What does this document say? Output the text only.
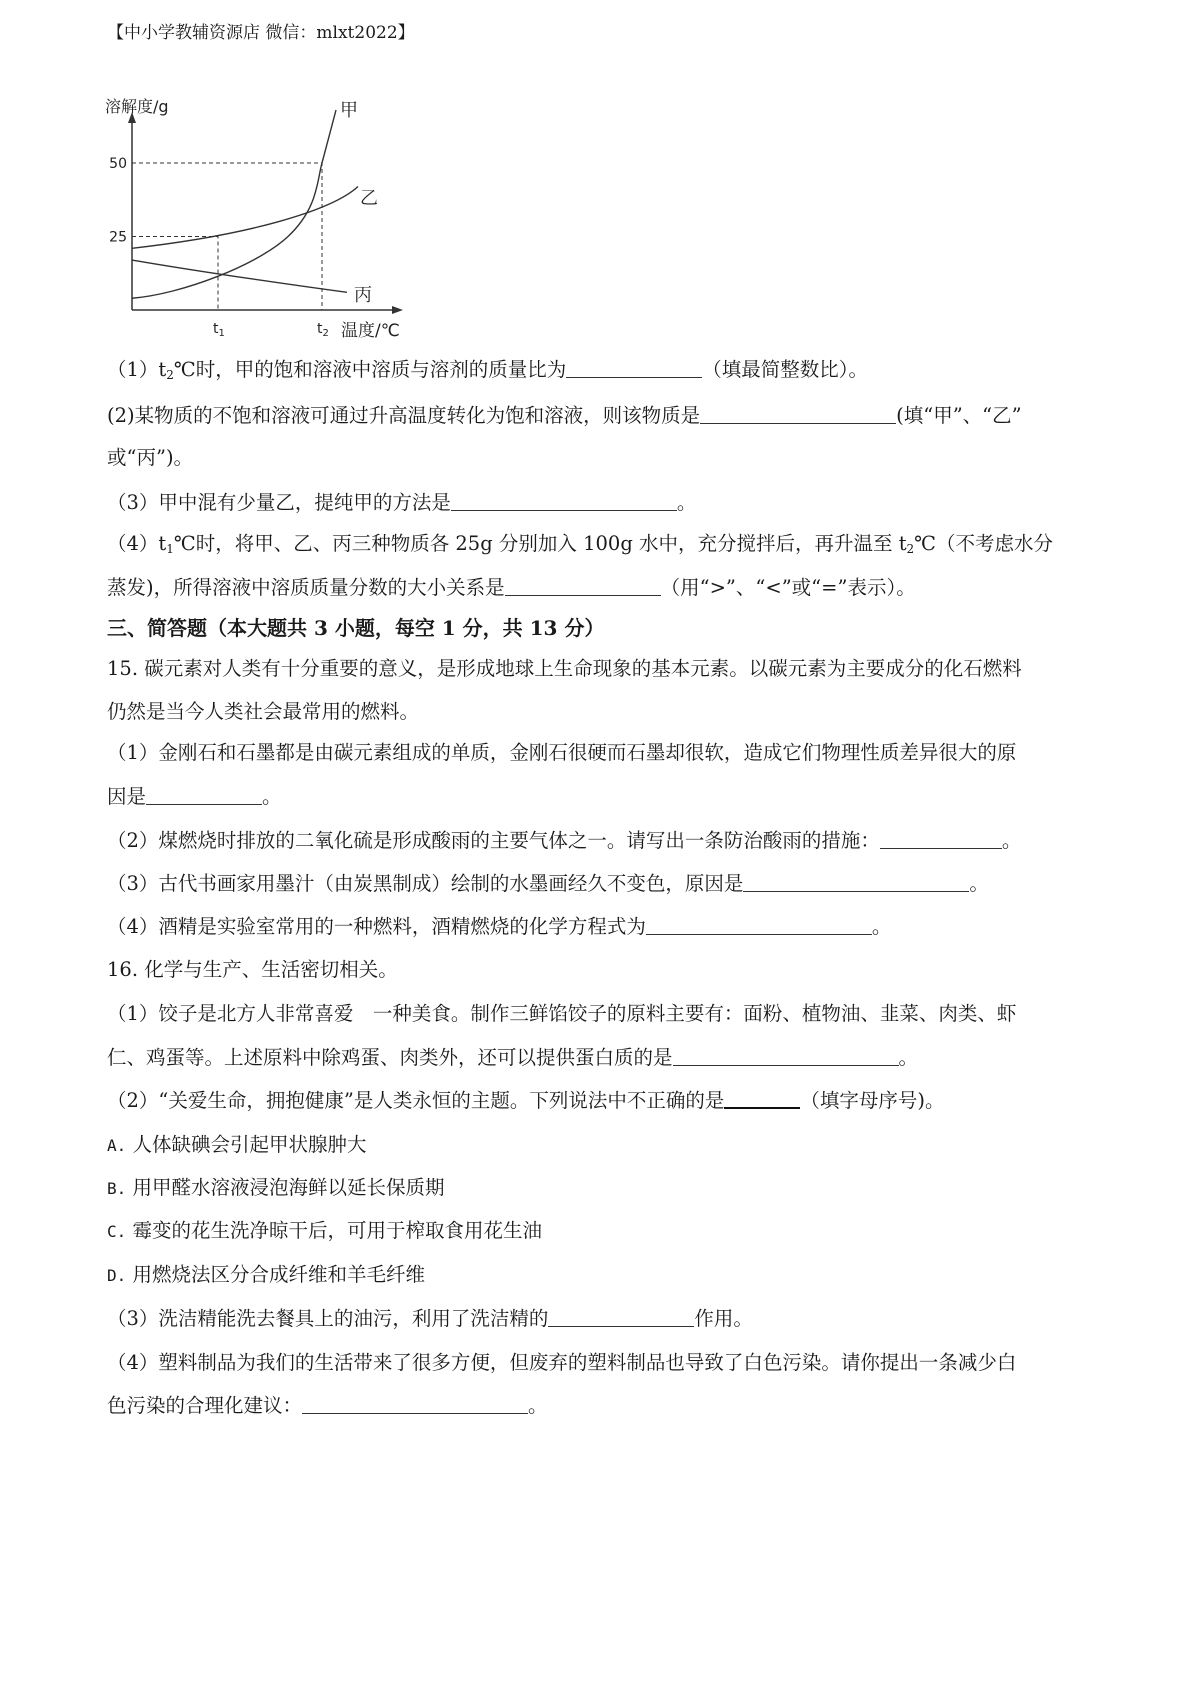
【中小学教辅资源店 微信：mlxt2022】
溶解度/g
温度/℃
50
25
$t_1$	$t_2$
甲
乙
丙
$(1)t_2℃$时，甲的饱和溶液中溶质与溶剂的质量比为	（填最简整数比）。
(2)某物质的不饱和溶液可通过升高温度转化为饱和溶液，则该物质是	(填“甲”、“乙”
或“丙”)。
（3）甲中混有少量乙，提纯甲的方法是	。
$(4)t_1℃$时，将甲、乙、丙三种物质各 25g 分别加入 100g 水中，充分搅拌后，再升温至 $t_2℃$（不考虑水分
蒸发)，所得溶液中溶质质量分数的大小关系是	（用“>”、“<”或“=”表示）。
三、简答题（本大题共 3 小题，每空 1 分，共 13 分）
15. 碳元素对人类有十分重要的意义，是形成地球上生命现象的基本元素。以碳元素为主要成分的化石燃料
仍然是当今人类社会最常用的燃料。
（1）金刚石和石墨都是由碳元素组成的单质，金刚石很硬而石墨却很软，造成它们物理性质差异很大的原
因是	。
（2）煤燃烧时排放的二氧化硫是形成酸雨的主要气体之一。请写出一条防治酸雨的措施：	。
（3）古代书画家用墨汁（由炭黑制成）绘制的水墨画经久不变色，原因是	。
（4）酒精是实验室常用的一种燃料，酒精燃烧的化学方程式为	。
16. 化学与生产、生活密切相关。
（1）饺子是北方人非常喜爱　一种美食。制作三鲜馅饺子的原料主要有：面粉、植物油、韭菜、肉类、虾
仁、鸡蛋等。上述原料中除鸡蛋、肉类外，还可以提供蛋白质的是	。
（2）“关爱生命，拥抱健康”是人类永恒的主题。下列说法中不正确的是	（填字母序号)。
A. 人体缺碘会引起甲状腺肿大
B. 用甲醛水溶液浸泡海鲜以延长保质期
C. 霉变的花生洗净晾干后，可用于榨取食用花生油
D. 用燃烧法区分合成纤维和羊毛纤维
（3）洗洁精能洗去餐具上的油污，利用了洗洁精的	作用。
（4）塑料制品为我们的生活带来了很多方便，但废弃的塑料制品也导致了白色污染。请你提出一条减少白
色污染的合理化建议：	。
